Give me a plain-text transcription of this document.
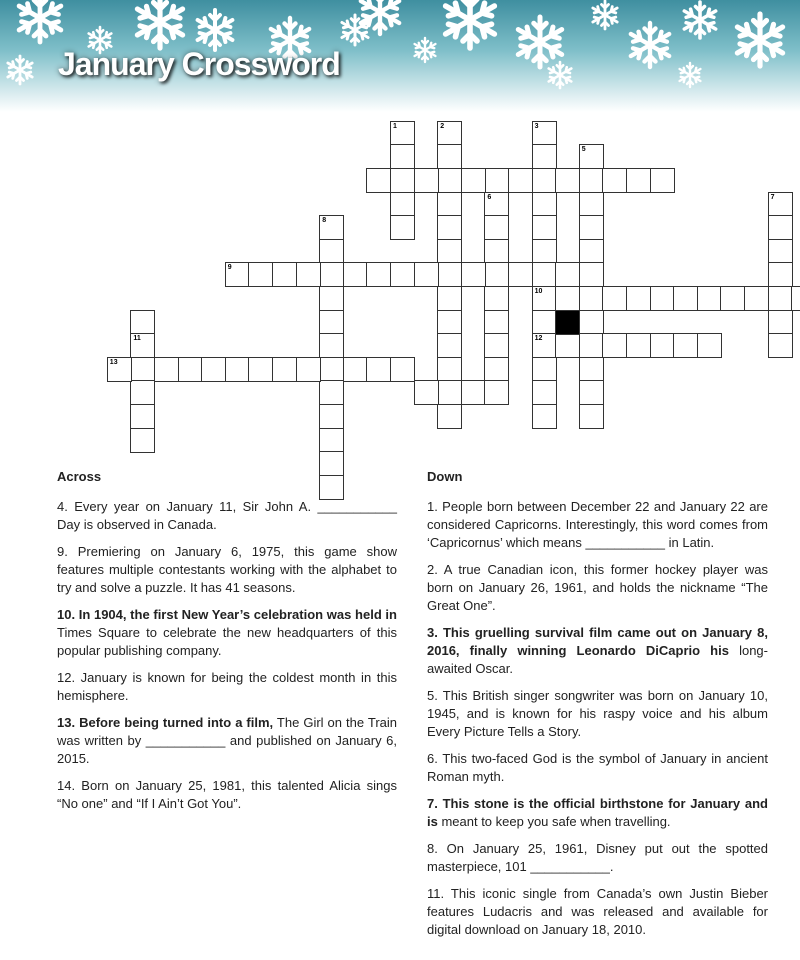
January Crossword
1	2	3
10
12
5
6	7
8
9
11
13
Across

4. Every year on January 11, Sir John A. ___________ Day is observed in Canada.

9. Premiering on January 6, 1975, this game show features multiple contestants working with the alphabet to try and solve a puzzle. It has 41 seasons.

10. In 1904, the first New Year’s celebration was held in Times Square to celebrate the new headquarters of this popular publishing company.

12. January is known for being the coldest month in this hemisphere.

13. Before being turned into a film, The Girl on the Train was written by ___________ and published on January 6, 2015.

14. Born on January 25, 1981, this talented Alicia sings “No one” and “If I Ain’t Got You”.

Down

1. People born between December 22 and January 22 are considered Capricorns. Interestingly, this word comes from ‘Capricornus’ which means ___________ in Latin.

2. A true Canadian icon, this former hockey player was born on January 26, 1961, and holds the nickname “The Great One”.

3. This gruelling survival film came out on January 8, 2016, finally winning Leonardo DiCaprio his long-awaited Oscar.

5. This British singer songwriter was born on January 10, 1945, and is known for his raspy voice and his album Every Picture Tells a Story.

6. This two-faced God is the symbol of January in ancient Roman myth.

7. This stone is the official birthstone for January and is meant to keep you safe when travelling.

8. On January 25, 1961, Disney put out the spotted masterpiece, 101 ___________.

11. This iconic single from Canada’s own Justin Bieber features Ludacris and was released and available for digital download on January 18, 2010.
